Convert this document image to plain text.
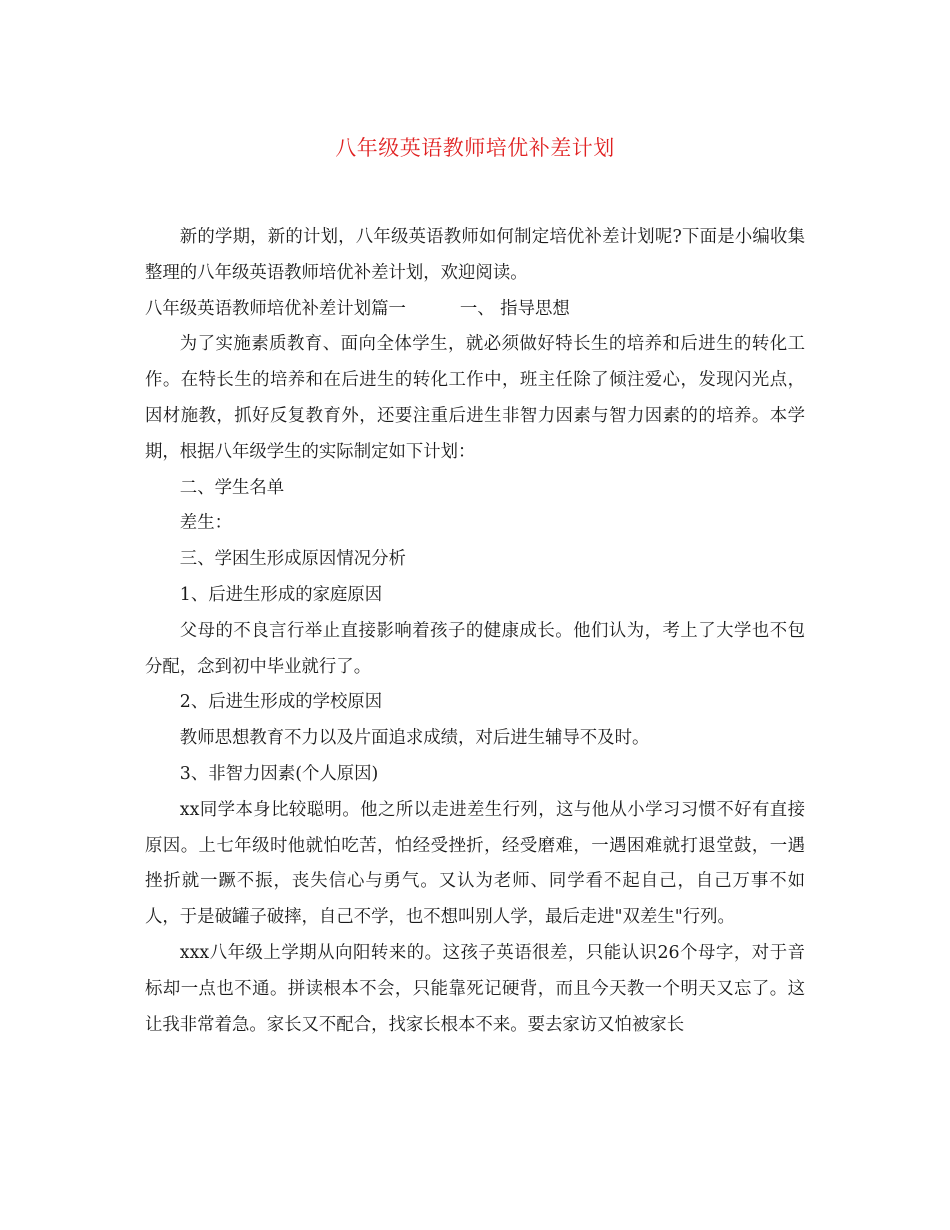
八年级英语教师培优补差计划

新的学期，新的计划，八年级英语教师如何制定培优补差计划呢?下面是小编收集整理的八年级英语教师培优补差计划，欢迎阅读。

八年级英语教师培优补差计划篇一	一、 指导思想

为了实施素质教育、面向全体学生，就必须做好特长生的培养和后进生的转化工作。在特长生的培养和在后进生的转化工作中，班主任除了倾注爱心，发现闪光点，因材施教，抓好反复教育外，还要注重后进生非智力因素与智力因素的的培养。本学期，根据八年级学生的实际制定如下计划：

二、学生名单

差生：

三、学困生形成原因情况分析

1、后进生形成的家庭原因

父母的不良言行举止直接影响着孩子的健康成长。他们认为，考上了大学也不包分配，念到初中毕业就行了。

2、后进生形成的学校原因

教师思想教育不力以及片面追求成绩，对后进生辅导不及时。

3、非智力因素(个人原因)

xx同学本身比较聪明。他之所以走进差生行列，这与他从小学习习惯不好有直接原因。上七年级时他就怕吃苦，怕经受挫折，经受磨难，一遇困难就打退堂鼓，一遇挫折就一蹶不振，丧失信心与勇气。又认为老师、同学看不起自己，自己万事不如人，于是破罐子破摔，自己不学，也不想叫别人学，最后走进"双差生"行列。

xxx八年级上学期从向阳转来的。这孩子英语很差，只能认识26个母字，对于音标却一点也不通。拼读根本不会，只能靠死记硬背，而且今天教一个明天又忘了。这让我非常着急。家长又不配合，找家长根本不来。要去家访又怕被家长
